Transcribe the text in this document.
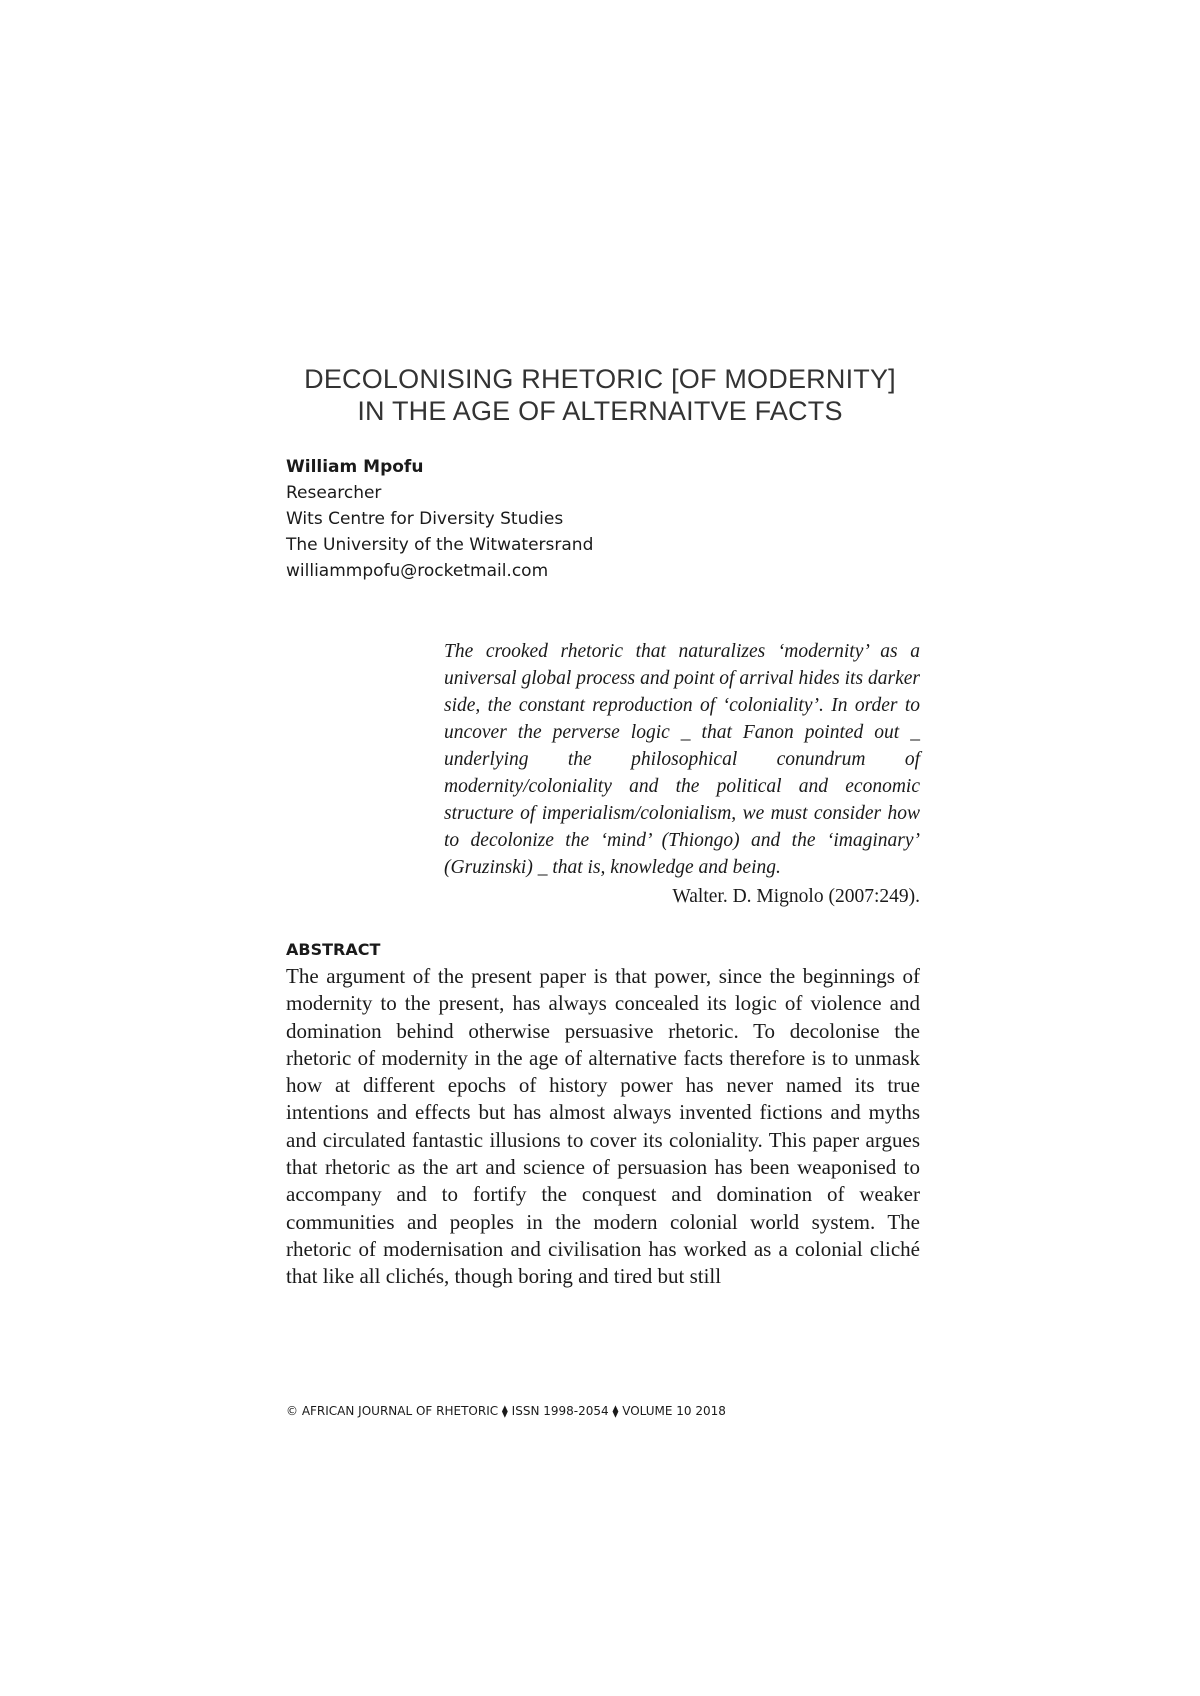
DECOLONISING RHETORIC [OF MODERNITY]
IN THE AGE OF ALTERNAITVE FACTS
William Mpofu
Researcher
Wits Centre for Diversity Studies
The University of the Witwatersrand
williammpofu@rocketmail.com
The crooked rhetoric that naturalizes ‘modernity’ as a universal global process and point of arrival hides its darker side, the constant reproduction of ‘coloniality’. In order to uncover the perverse logic _ that Fanon pointed out _ underlying the philosophical conundrum of modernity/coloniality and the political and economic structure of imperialism/colonialism, we must consider how to decolonize the ‘mind’ (Thiongo) and the ‘imaginary’ (Gruzinski) _ that is, knowledge and being.
Walter. D. Mignolo (2007:249).
ABSTRACT
The argument of the present paper is that power, since the beginnings of modernity to the present, has always concealed its logic of violence and domination behind otherwise persuasive rhetoric. To decolonise the rhetoric of modernity in the age of alternative facts therefore is to unmask how at different epochs of history power has never named its true intentions and effects but has almost always invented fictions and myths and circulated fantastic illusions to cover its coloniality. This paper argues that rhetoric as the art and science of persuasion has been weaponised to accompany and to fortify the conquest and domination of weaker communities and peoples in the modern colonial world system. The rhetoric of modernisation and civilisation has worked as a colonial cliché that like all clichés, though boring and tired but still
© AFRICAN JOURNAL OF RHETORIC ⧫ ISSN 1998-2054 ⧫ VOLUME 10 2018
